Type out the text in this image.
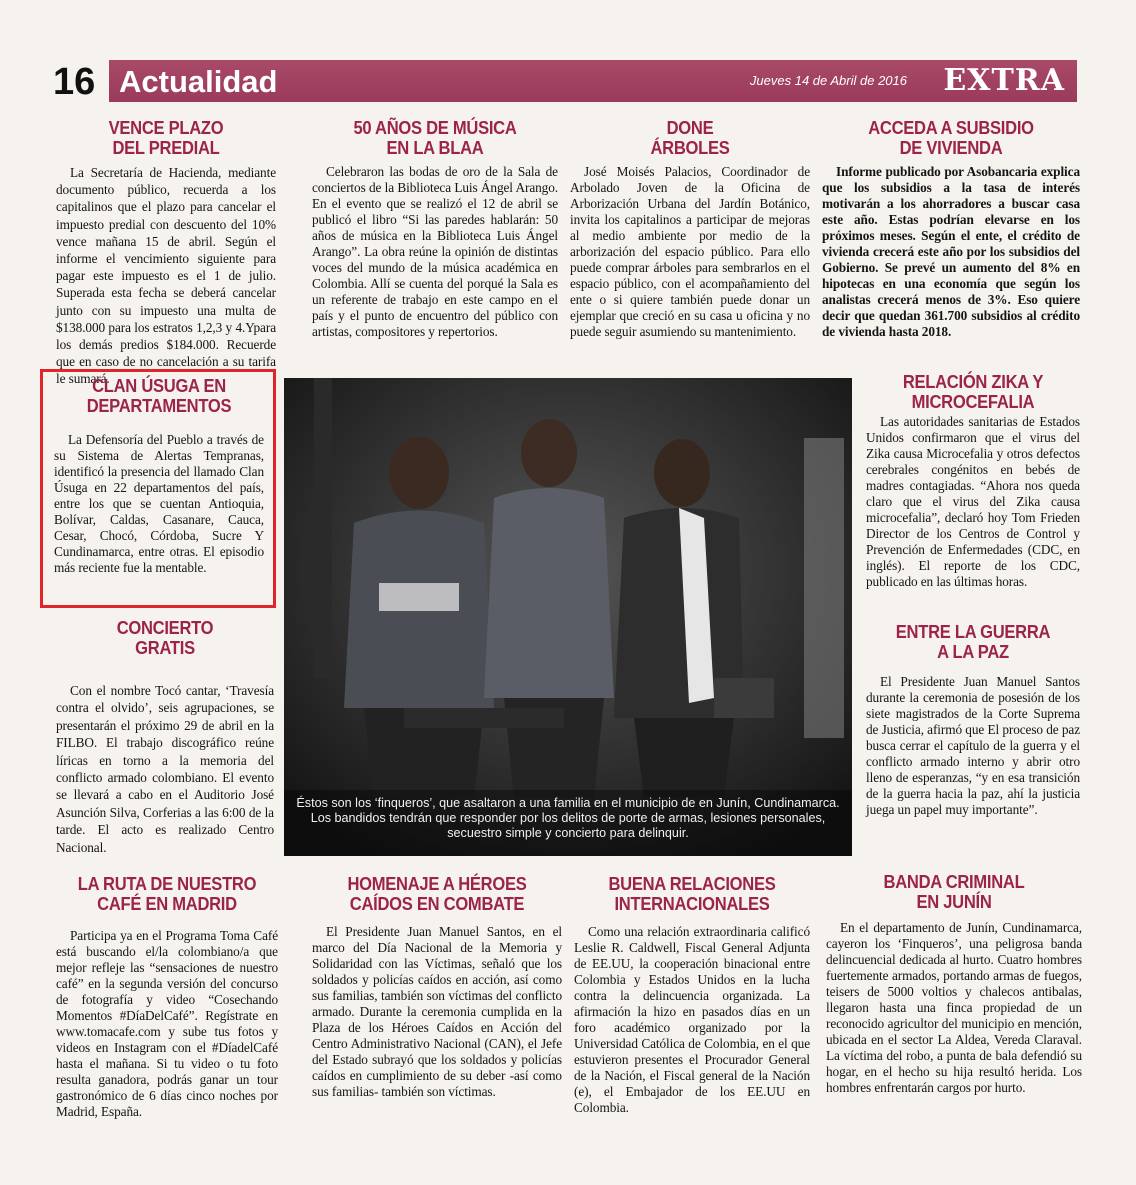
16 Actualidad	Jueves 14 de Abril de 2016	EXTRA
VENCE PLAZO
DEL PREDIAL
La Secretaría de Hacienda, mediante documento público, recuerda a los capitalinos que el plazo para cancelar el impuesto predial con descuento del 10% vence mañana 15 de abril. Según el informe el vencimiento siguiente para pagar este impuesto es el 1 de julio. Superada esta fecha se deberá cancelar junto con su impuesto una multa de $138.000 para los estratos 1,2,3 y 4.Ypara los demás predios $184.000. Recuerde que en caso de no cancelación a su tarifa le sumará.
50 AÑOS DE MÚSICA
EN LA BLAA
Celebraron las bodas de oro de la Sala de conciertos de la Biblioteca Luis Ángel Arango. En el evento que se realizó el 12 de abril se publicó el libro “Si las paredes hablarán: 50 años de música en la Biblioteca Luis Ángel Arango”. La obra reúne la opinión de distintas voces del mundo de la música académica en Colombia. Allí se cuenta del porqué la Sala es un referente de trabajo en este campo en el país y el punto de encuentro del público con artistas, compositores y repertorios.
DONE
ÁRBOLES
José Moisés Palacios, Coordinador de Arbolado Joven de la Oficina de Arborización Urbana del Jardín Botánico, invita los capitalinos a participar de mejoras al medio ambiente por medio de la arborización del espacio público. Para ello puede comprar árboles para sembrarlos en el espacio público, con el acompañamiento del ente o si quiere también puede donar un ejemplar que creció en su casa u oficina y no puede seguir asumiendo su mantenimiento.
ACCEDA A SUBSIDIO
DE VIVIENDA
Informe publicado por Asobancaria explica que los subsidios a la tasa de interés motivarán a los ahorradores a buscar casa este año. Estas podrían elevarse en los próximos meses. Según el ente, el crédito de vivienda crecerá este año por los subsidios del Gobierno. Se prevé un aumento del 8% en hipotecas en una economía que según los analistas crecerá menos de 3%. Eso quiere decir que quedan 361.700 subsidios al crédito de vivienda hasta 2018.
CLAN ÚSUGA EN
DEPARTAMENTOS
La Defensoría del Pueblo a través de su Sistema de Alertas Tempranas, identificó la presencia del llamado Clan Úsuga en 22 departamentos del país, entre los que se cuentan Antioquia, Bolívar, Caldas, Casanare, Cauca, Cesar, Chocó, Córdoba, Sucre Y Cundinamarca, entre otras. El episodio más reciente fue la mentable.
CONCIERTO
GRATIS
Con el nombre Tocó cantar, ‘Travesía contra el olvido’, seis agrupaciones, se presentarán el próximo 29 de abril en la FILBO. El trabajo discográfico reúne líricas en torno a la memoria del conflicto armado colombiano. El evento se llevará a cabo en el Auditorio José Asunción Silva, Corferias a las 6:00 de la tarde. El acto es realizado Centro Nacional.
Éstos son los ‘finqueros’, que asaltaron a una familia en el municipio de en Junín, Cundinamarca. Los bandidos tendrán que responder por los delitos de porte de armas, lesiones personales, secuestro simple y concierto para delinquir.
RELACIÓN ZIKA Y
MICROCEFALIA
Las autoridades sanitarias de Estados Unidos confirmaron que el virus del Zika causa Microcefalia y otros defectos cerebrales congénitos en bebés de madres contagiadas. “Ahora nos queda claro que el virus del Zika causa microcefalia”, declaró hoy Tom Frieden Director de los Centros de Control y Prevención de Enfermedades (CDC, en inglés). El reporte de los CDC, publicado en las últimas horas.
ENTRE LA GUERRA
A LA PAZ
El Presidente Juan Manuel Santos durante la ceremonia de posesión de los siete magistrados de la Corte Suprema de Justicia, afirmó que El proceso de paz busca cerrar el capítulo de la guerra y el conflicto armado interno y abrir otro lleno de esperanzas, “y en esa transición de la guerra hacia la paz, ahí la justicia juega un papel muy importante”.
LA RUTA DE NUESTRO
CAFÉ EN MADRID
Participa ya en el Programa Toma Café está buscando el/la colombiano/a que mejor refleje las “sensaciones de nuestro café” en la segunda versión del concurso de fotografía y video “Cosechando Momentos #DíaDelCafé”. Regístrate en www.tomacafe.com y sube tus fotos y videos en Instagram con el #DíadelCafé hasta el mañana. Si tu video o tu foto resulta ganadora, podrás ganar un tour gastronómico de 6 días cinco noches por Madrid, España.
HOMENAJE A HÉROES
CAÍDOS EN COMBATE
El Presidente Juan Manuel Santos, en el marco del Día Nacional de la Memoria y Solidaridad con las Víctimas, señaló que los soldados y policías caídos en acción, así como sus familias, también son víctimas del conflicto armado. Durante la ceremonia cumplida en la Plaza de los Héroes Caídos en Acción del Centro Administrativo Nacional (CAN), el Jefe del Estado subrayó que los soldados y policías caídos en cumplimiento de su deber -así como sus familias- también son víctimas.
BUENA RELACIONES
INTERNACIONALES
Como una relación extraordinaria calificó Leslie R. Caldwell, Fiscal General Adjunta de EE.UU, la cooperación binacional entre Colombia y Estados Unidos en la lucha contra la delincuencia organizada. La afirmación la hizo en pasados días en un foro académico organizado por la Universidad Católica de Colombia, en el que estuvieron presentes el Procurador General de la Nación, el Fiscal general de la Nación (e), el Embajador de los EE.UU en Colombia.
BANDA CRIMINAL
EN JUNÍN
En el departamento de Junín, Cundinamarca, cayeron los ‘Finqueros’, una peligrosa banda delincuencial dedicada al hurto. Cuatro hombres fuertemente armados, portando armas de fuegos, teisers de 5000 voltios y chalecos antibalas, llegaron hasta una finca propiedad de un reconocido agricultor del municipio en mención, ubicada en el sector La Aldea, Vereda Claraval. La víctima del robo, a punta de bala defendió su hogar, en el hecho su hija resultó herida. Los hombres enfrentarán cargos por hurto.
